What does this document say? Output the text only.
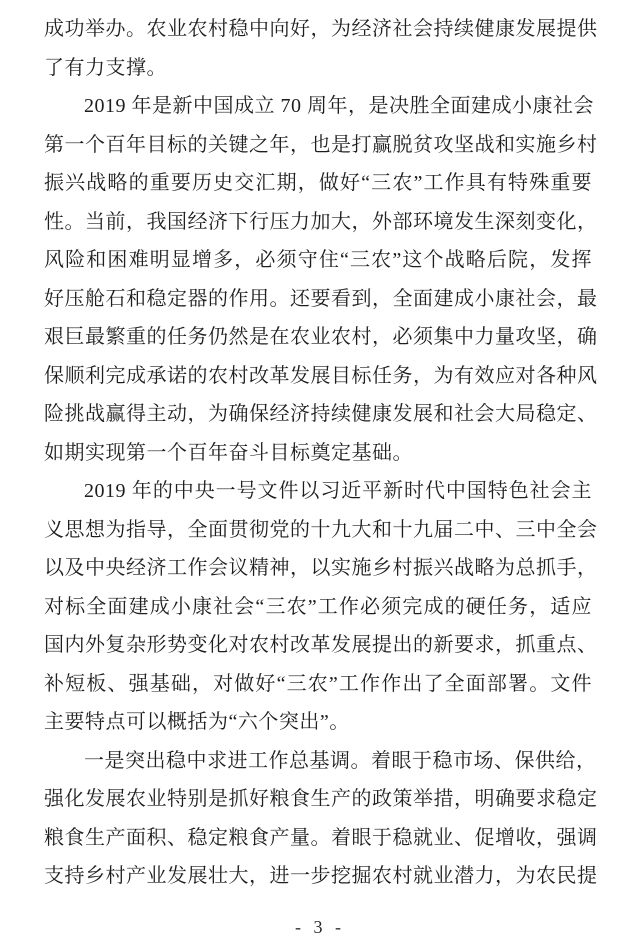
成功举办。农业农村稳中向好，为经济社会持续健康发展提供
了有力支撑。
2019 年是新中国成立 70 周年，是决胜全面建成小康社会
第一个百年目标的关键之年，也是打赢脱贫攻坚战和实施乡村
振兴战略的重要历史交汇期，做好“三农”工作具有特殊重要
性。当前，我国经济下行压力加大，外部环境发生深刻变化，
风险和困难明显增多，必须守住“三农”这个战略后院，发挥
好压舱石和稳定器的作用。还要看到，全面建成小康社会，最
艰巨最繁重的任务仍然是在农业农村，必须集中力量攻坚，确
保顺利完成承诺的农村改革发展目标任务，为有效应对各种风
险挑战赢得主动，为确保经济持续健康发展和社会大局稳定、
如期实现第一个百年奋斗目标奠定基础。
2019 年的中央一号文件以习近平新时代中国特色社会主
义思想为指导，全面贯彻党的十九大和十九届二中、三中全会
以及中央经济工作会议精神，以实施乡村振兴战略为总抓手，
对标全面建成小康社会“三农”工作必须完成的硬任务，适应
国内外复杂形势变化对农村改革发展提出的新要求，抓重点、
补短板、强基础，对做好“三农”工作作出了全面部署。文件
主要特点可以概括为“六个突出”。
一是突出稳中求进工作总基调。着眼于稳市场、保供给，
强化发展农业特别是抓好粮食生产的政策举措，明确要求稳定
粮食生产面积、稳定粮食产量。着眼于稳就业、促增收，强调
支持乡村产业发展壮大，进一步挖掘农村就业潜力，为农民提
- 3 -
